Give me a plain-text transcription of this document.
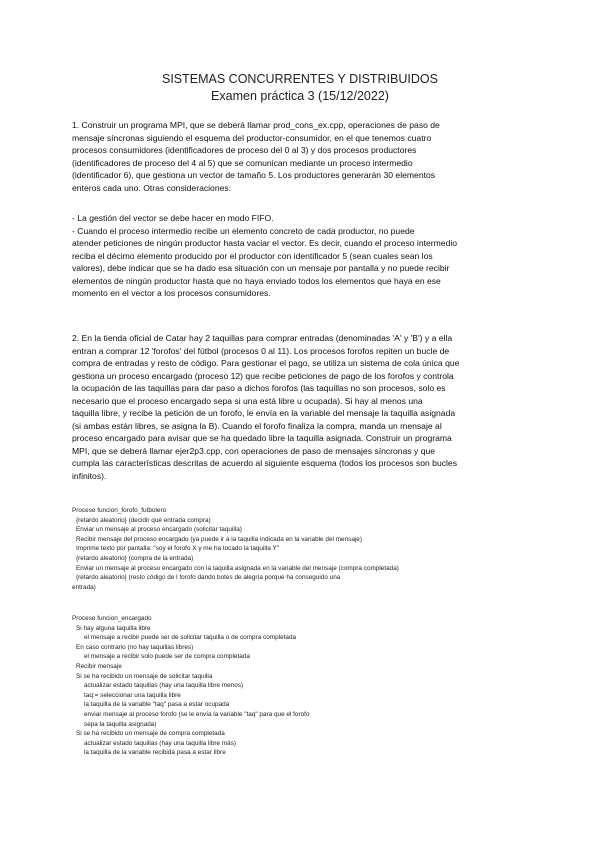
SISTEMAS CONCURRENTES Y DISTRIBUIDOS
Examen práctica 3 (15/12/2022)
1. Construir un programa MPI, que se deberá llamar prod_cons_ex.cpp, operaciones de paso de
mensaje síncronas siguiendo el esquema del productor-consumidor, en el que tenemos cuatro
procesos consumidores (identificadores de proceso del 0 al 3) y dos procesos productores
(identificadores de proceso del 4 al 5) que se comunican mediante un proceso intermedio
(identificador 6), que gestiona un vector de tamaño 5. Los productores generarán 30 elementos
enteros cada uno. Otras consideraciones:
- La gestión del vector se debe hacer en modo FIFO.
- Cuando el proceso intermedio recibe un elemento concreto de cada productor, no puede
atender peticiones de ningún productor hasta vaciar el vector. Es decir, cuando el proceso intermedio
reciba el décimo elemento producido por el productor con identificador 5 (sean cuales sean los
valores), debe indicar que se ha dado esa situación con un mensaje por pantalla y no puede recibir
elementos de ningún productor hasta que no haya enviado todos los elementos que haya en ese
momento en el vector a los procesos consumidores.
2. En la tienda oficial de Catar hay 2 taquillas para comprar entradas (denominadas 'A' y 'B') y a ella
entran a comprar 12 'forofos' del fútbol (procesos 0 al 11). Los procesos forofos repiten un bucle de
compra de entradas y resto de código. Para gestionar el pago, se utiliza un sistema de cola única que
gestiona un proceso encargado (proceso 12) que recibe peticiones de pago de los forofos y controla
la ocupación de las taquillas para dar paso a dichos forofos (las taquillas no son procesos, solo es
necesario que el proceso encargado sepa si una está libre u ocupada). Si hay al menos una
taquilla libre, y recibe la petición de un forofo, le envía en la variable del mensaje la taquilla asignada
(si ambas están libres, se asigna la B). Cuando el forofo finaliza la compra, manda un mensaje al
proceso encargado para avisar que se ha quedado libre la taquilla asignada. Construir un programa
MPI, que se deberá llamar ejer2p3.cpp, con operaciones de paso de mensajes síncronas y que
cumpla las características descritas de acuerdo al siguiente esquema (todos los procesos son bucles
infinitos).
Proceso funcion_forofo_futbolero
{retardo aleatorio} (decidir qué entrada compra)
Enviar un mensaje al proceso encargado (solicitar taquilla)
Recibir mensaje del proceso encargado (ya puede ir a la taquilla indicada en la variable del mensaje)
Imprime texto por pantalla: "soy el forofo X y me ha tocado la taquilla Y"
{retardo aleatorio} (compra de la entrada)
Enviar un mensaje al proceso encargado con la taquilla asignada en la variable del mensaje (compra completada)
{retardo aleatorio} (resto código de l forofo dando botes de alegría porque ha conseguido una
entrada)
Proceso funcion_encargado
Si hay alguna taquilla libre
el mensaje a recibir puede ser de solicitar taquilla o de compra completada
En caso contrario (no hay taquillas libres)
el mensaje a recibir solo puede ser de compra completada
Recibir mensaje
Si se ha recibido un mensaje de solicitar taquilla
actualizar estado taquillas (hay una taquilla libre menos)
taq:= seleccionar una taquilla libre
la taquilla de la variable "taq" pasa a estar ocupada
enviar mensaje al proceso forofo (se le envía la variable "taq" para que el forofo
sepa la taquilla asignada)
Si se ha recibido un mensaje de compra completada
actualizar estado taquillas (hay una taquilla libre más)
la taquilla de la variable recibida pasa a estar libre
